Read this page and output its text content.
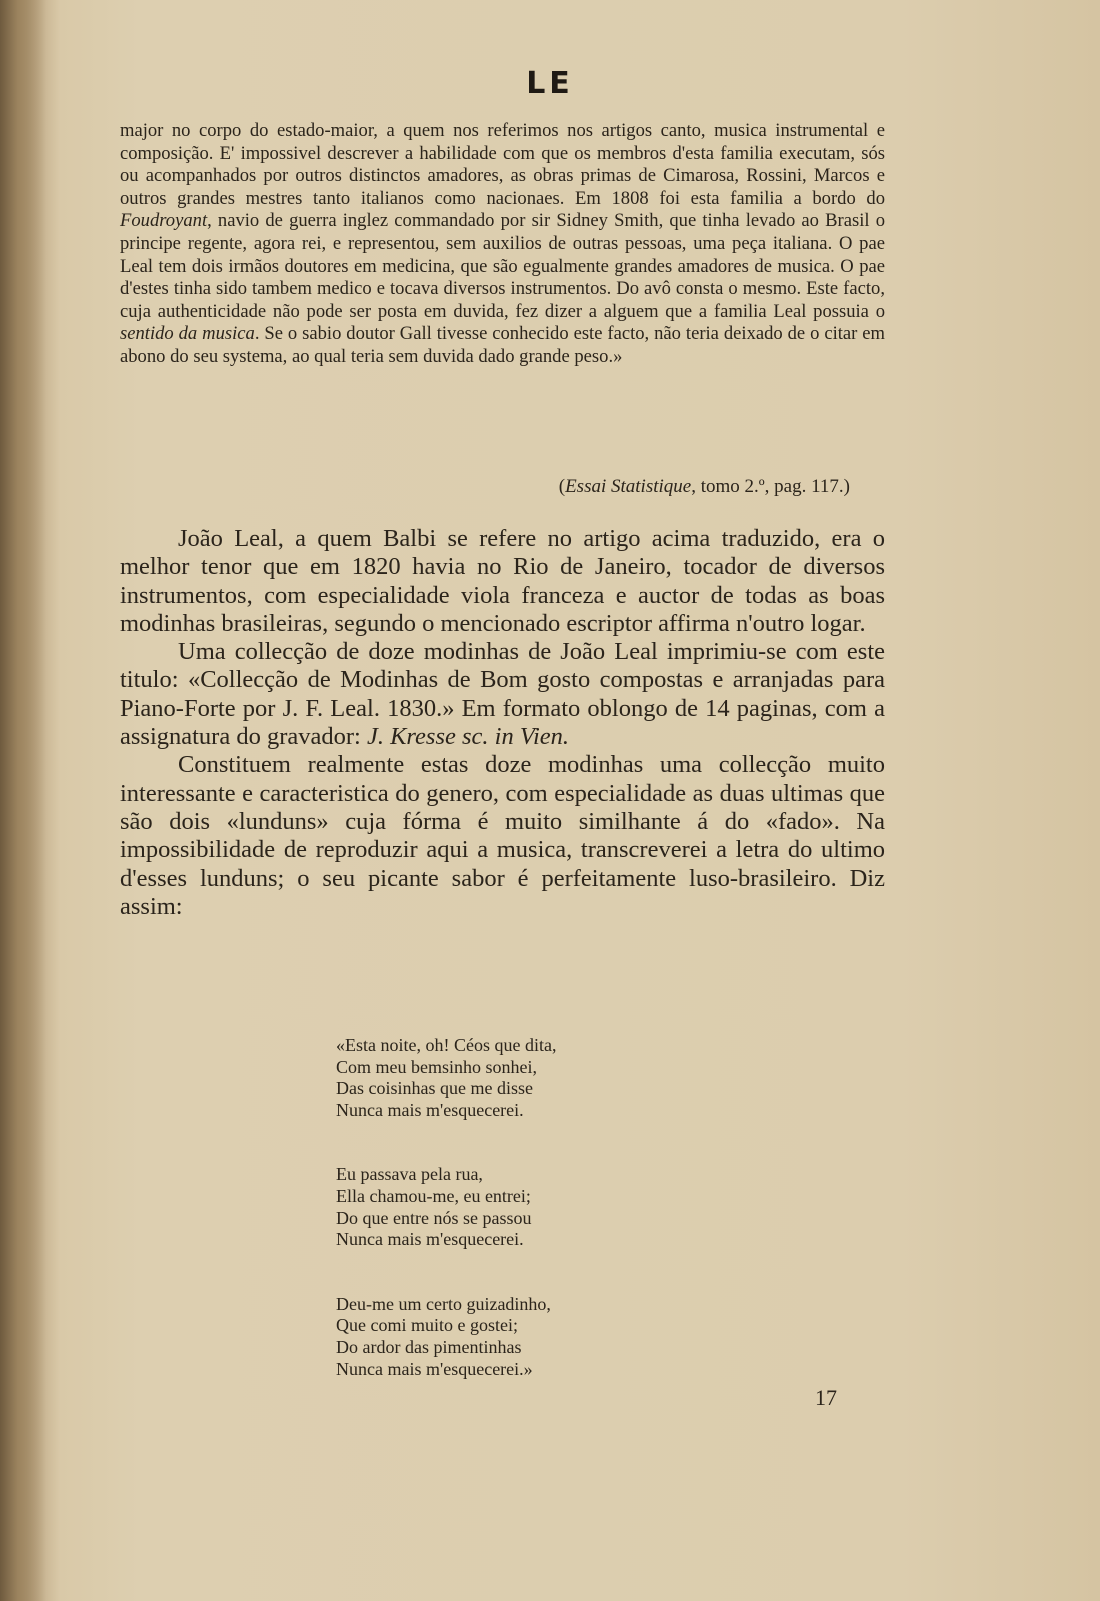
LE

major no corpo do estado-maior, a quem nos referimos nos artigos canto, musica instrumental e composição. E' impossivel descrever a habilidade com que os membros d'esta familia executam, sós ou acompanhados por outros distinctos amadores, as obras primas de Cimarosa, Rossini, Marcos e outros grandes mestres tanto italianos como nacionaes. Em 1808 foi esta familia a bordo do Foudroyant, navio de guerra inglez commandado por sir Sidney Smith, que tinha levado ao Brasil o principe regente, agora rei, e representou, sem auxilios de outras pessoas, uma peça italiana. O pae Leal tem dois irmãos doutores em medicina, que são egualmente grandes amadores de musica. O pae d'estes tinha sido tambem medico e tocava diversos instrumentos. Do avô consta o mesmo. Este facto, cuja authenticidade não pode ser posta em duvida, fez dizer a alguem que a familia Leal possuia o sentido da musica. Se o sabio doutor Gall tivesse conhecido este facto, não teria deixado de o citar em abono do seu systema, ao qual teria sem duvida dado grande peso.»

(Essai Statistique, tomo 2.º, pag. 117.)

João Leal, a quem Balbi se refere no artigo acima traduzido, era o melhor tenor que em 1820 havia no Rio de Janeiro, tocador de diversos instrumentos, com especialidade viola franceza e auctor de todas as boas modinhas brasileiras, segundo o mencionado escriptor affirma n'outro logar.

Uma collecção de doze modinhas de João Leal imprimiu-se com este titulo: «Collecção de Modinhas de Bom gosto compostas e arranjadas para Piano-Forte por J. F. Leal. 1830.» Em formato oblongo de 14 paginas, com a assignatura do gravador: J. Kresse sc. in Vien.

Constituem realmente estas doze modinhas uma collecção muito interessante e caracteristica do genero, com especialidade as duas ultimas que são dois «lunduns» cuja fórma é muito similhante á do «fado». Na impossibilidade de reproduzir aqui a musica, transcreverei a letra do ultimo d'esses lunduns; o seu picante sabor é perfeitamente luso-brasileiro. Diz assim:

«Esta noite, oh! Céos que dita,
Com meu bemsinho sonhei,
Das coisinhas que me disse
Nunca mais m'esquecerei.
Eu passava pela rua,
Ella chamou-me, eu entrei;
Do que entre nós se passou
Nunca mais m'esquecerei.
Deu-me um certo guizadinho,
Que comi muito e gostei;
Do ardor das pimentinhas
Nunca mais m'esquecerei.»
17
